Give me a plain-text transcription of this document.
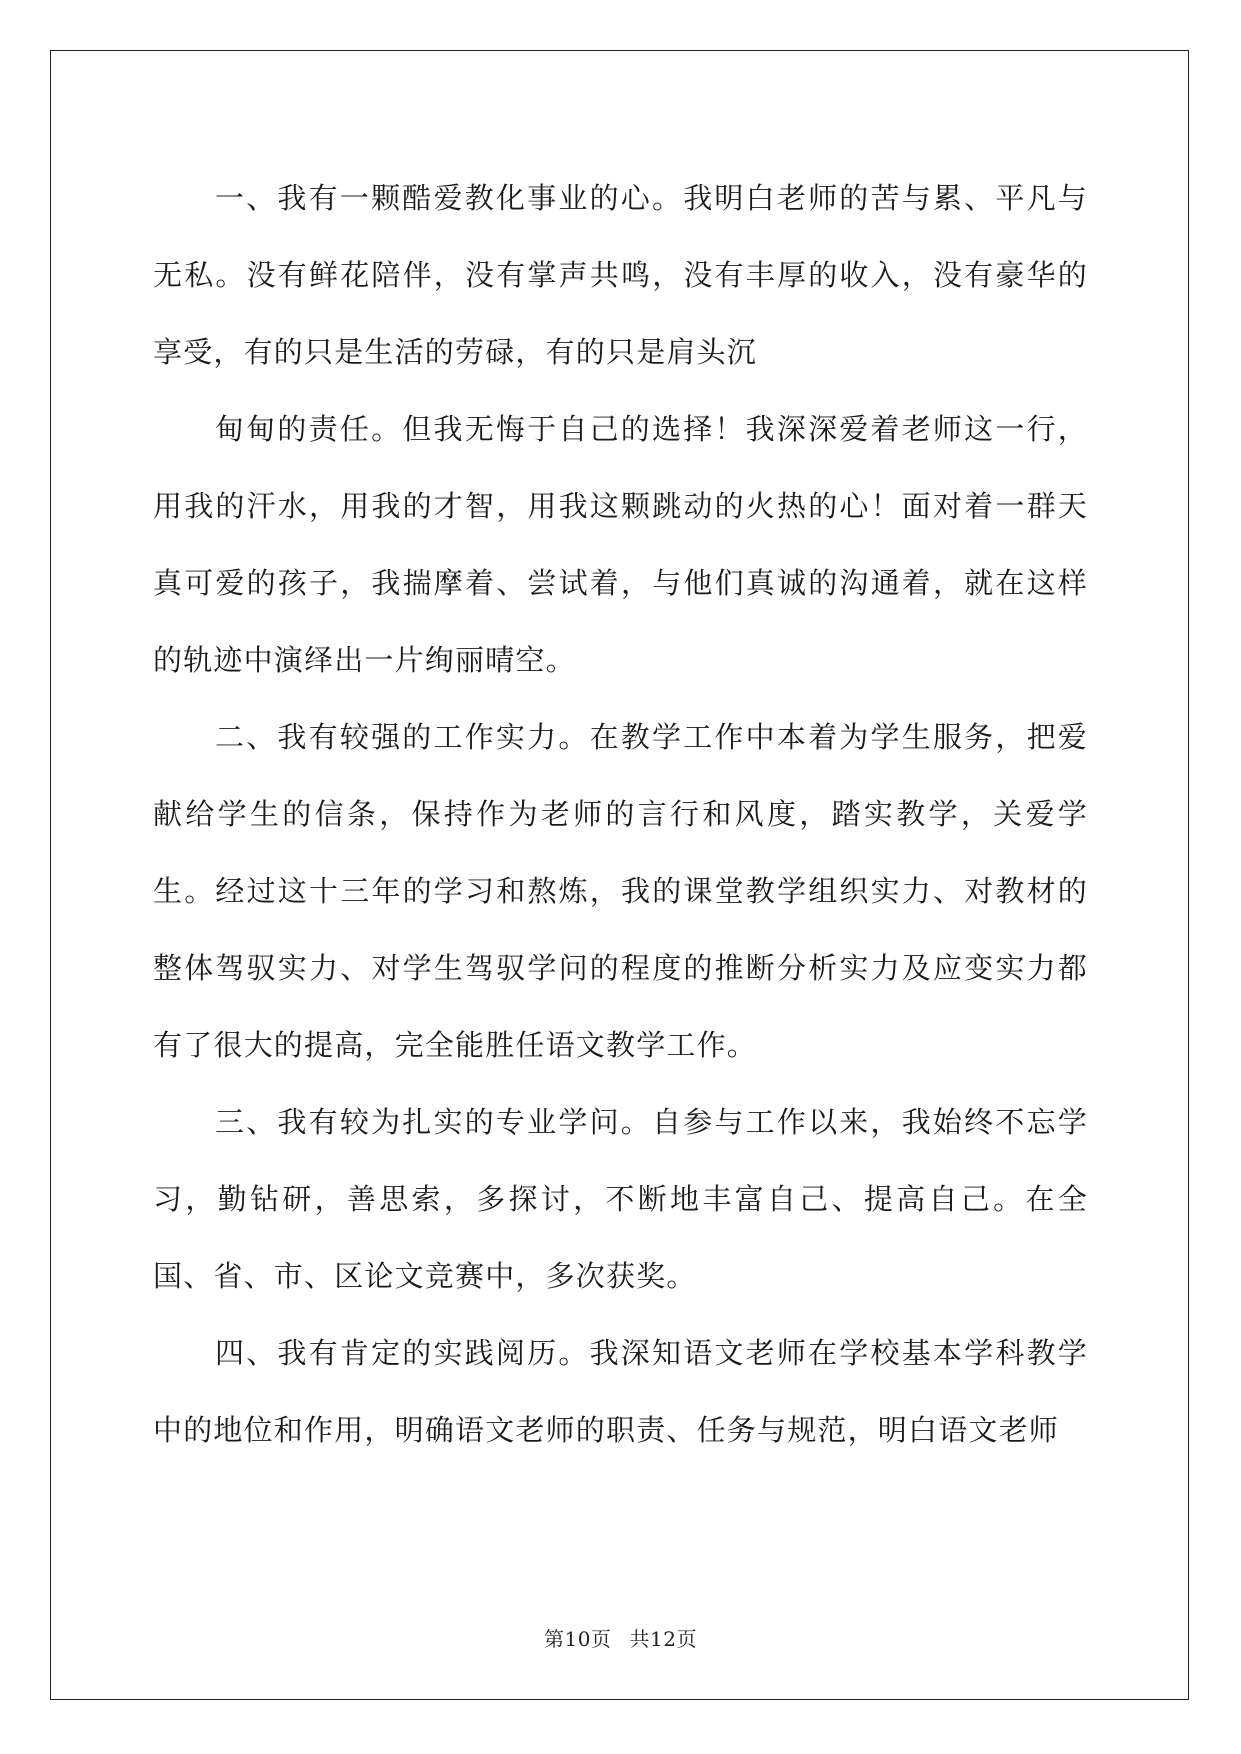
一、我有一颗酷爱教化事业的心。我明白老师的苦与累、平凡与无私。没有鲜花陪伴，没有掌声共鸣，没有丰厚的收入，没有豪华的享受，有的只是生活的劳碌，有的只是肩头沉

甸甸的责任。但我无悔于自己的选择！我深深爱着老师这一行，用我的汗水，用我的才智，用我这颗跳动的火热的心！面对着一群天真可爱的孩子，我揣摩着、尝试着，与他们真诚的沟通着，就在这样的轨迹中演绎出一片绚丽晴空。

二、我有较强的工作实力。在教学工作中本着为学生服务，把爱献给学生的信条，保持作为老师的言行和风度，踏实教学，关爱学生。经过这十三年的学习和熬炼，我的课堂教学组织实力、对教材的整体驾驭实力、对学生驾驭学问的程度的推断分析实力及应变实力都有了很大的提高，完全能胜任语文教学工作。

三、我有较为扎实的专业学问。自参与工作以来，我始终不忘学习，勤钻研，善思索，多探讨，不断地丰富自己、提高自己。在全国、省、市、区论文竞赛中，多次获奖。

四、我有肯定的实践阅历。我深知语文老师在学校基本学科教学中的地位和作用，明确语文老师的职责、任务与规范，明白语文老师

第10页 共12页
